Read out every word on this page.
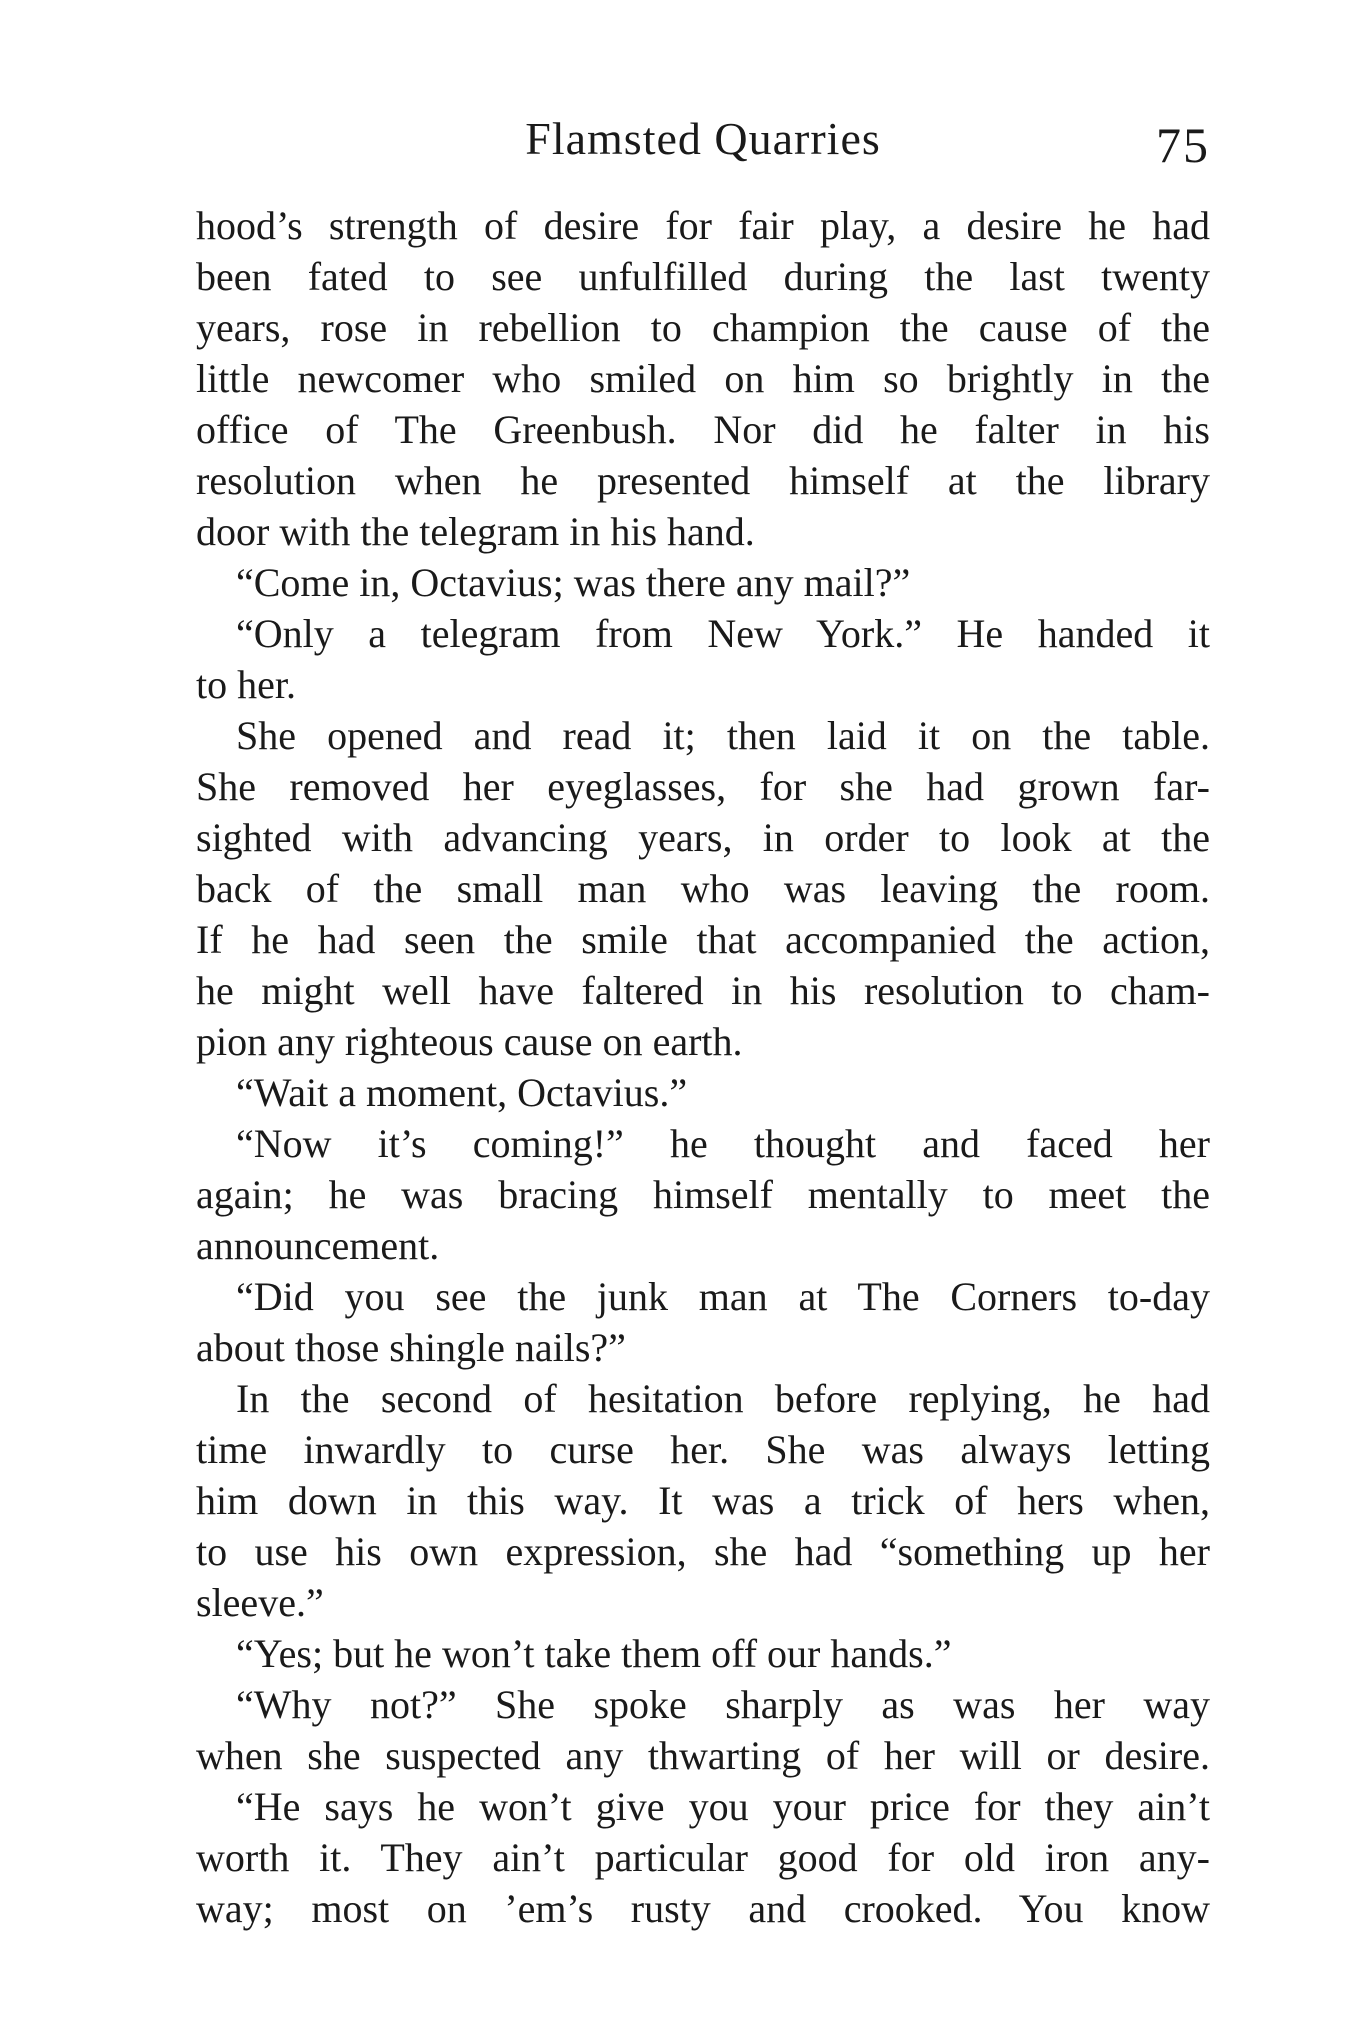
Flamsted Quarries	75
hood’s strength of desire for fair play, a desire he had
been fated to see unfulfilled during the last twenty
years, rose in rebellion to champion the cause of the
little newcomer who smiled on him so brightly in the
office of The Greenbush. Nor did he falter in his
resolution when he presented himself at the library
door with the telegram in his hand.
“Come in, Octavius; was there any mail?”
“Only a telegram from New York.” He handed it
to her.
She opened and read it; then laid it on the table.
She removed her eyeglasses, for she had grown far-
sighted with advancing years, in order to look at the
back of the small man who was leaving the room.
If he had seen the smile that accompanied the action,
he might well have faltered in his resolution to cham-
pion any righteous cause on earth.
“Wait a moment, Octavius.”
“Now it’s coming!” he thought and faced her
again; he was bracing himself mentally to meet the
announcement.
“Did you see the junk man at The Corners to-day
about those shingle nails?”
In the second of hesitation before replying, he had
time inwardly to curse her. She was always letting
him down in this way. It was a trick of hers when,
to use his own expression, she had “something up her
sleeve.”
“Yes; but he won’t take them off our hands.”
“Why not?” She spoke sharply as was her way
when she suspected any thwarting of her will or desire.
“He says he won’t give you your price for they ain’t
worth it. They ain’t particular good for old iron any-
way; most on ’em’s rusty and crooked. You know
